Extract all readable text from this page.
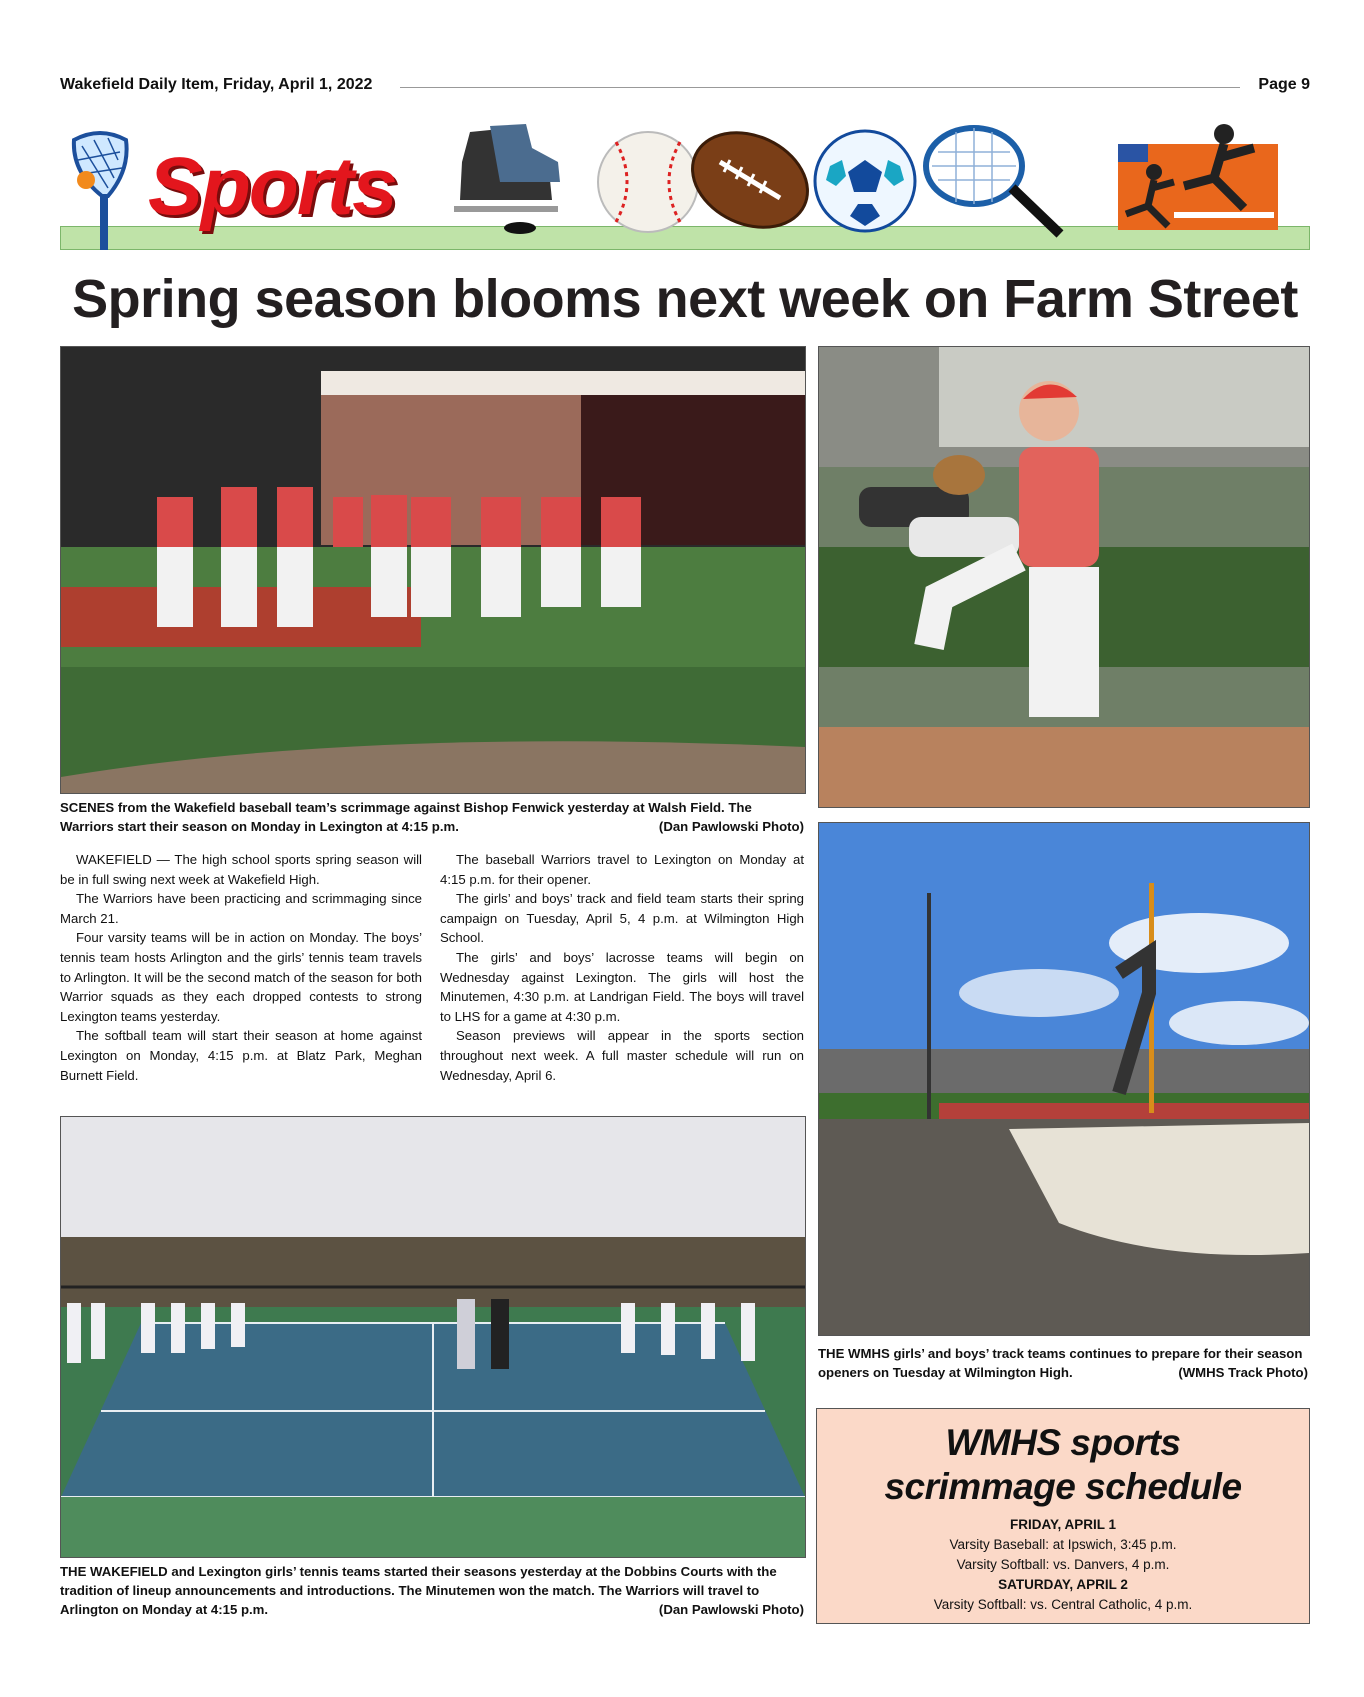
Wakefield Daily Item, Friday, April 1, 2022	Page 9
Sports
Spring season blooms next week on Farm Street
SCENES from the Wakefield baseball team’s scrimmage against Bishop Fenwick yesterday at Walsh Field. The Warriors start their season on Monday in Lexington at 4:15 p.m.	(Dan Pawlowski Photo)

WAKEFIELD — The high school sports spring season will be in full swing next week at Wakefield High.

The Warriors have been practicing and scrimmaging since March 21.

Four varsity teams will be in action on Monday. The boys’ tennis team hosts Arlington and the girls’ tennis team travels to Arlington. It will be the second match of the season for both Warrior squads as they each dropped contests to strong Lexington teams yesterday.

The softball team will start their season at home against Lexington on Monday, 4:15 p.m. at Blatz Park, Meghan Burnett Field.

The baseball Warriors travel to Lexington on Monday at 4:15 p.m. for their opener.

The girls’ and boys’ track and field team starts their spring campaign on Tuesday, April 5, 4 p.m. at Wilmington High School.

The girls’ and boys’ lacrosse teams will begin on Wednesday against Lexington. The girls will host the Minutemen, 4:30 p.m. at Landrigan Field. The boys will travel to LHS for a game at 4:30 p.m.

Season previews will appear in the sports section throughout next week. A full master schedule will run on Wednesday, April 6.

THE WMHS girls’ and boys’ track teams continues to prepare for their season openers on Tuesday at Wilmington High.	(WMHS Track Photo)
THE WAKEFIELD and Lexington girls’ tennis teams started their seasons yesterday at the Dobbins Courts with the tradition of lineup announcements and introductions. The Minutemen won the match. The Warriors will travel to Arlington on Monday at 4:15 p.m.	(Dan Pawlowski Photo)
WMHS sports
scrimmage schedule
FRIDAY, APRIL 1
Varsity Baseball: at Ipswich, 3:45 p.m.
Varsity Softball: vs. Danvers, 4 p.m.
SATURDAY, APRIL 2
Varsity Softball: vs. Central Catholic, 4 p.m.
